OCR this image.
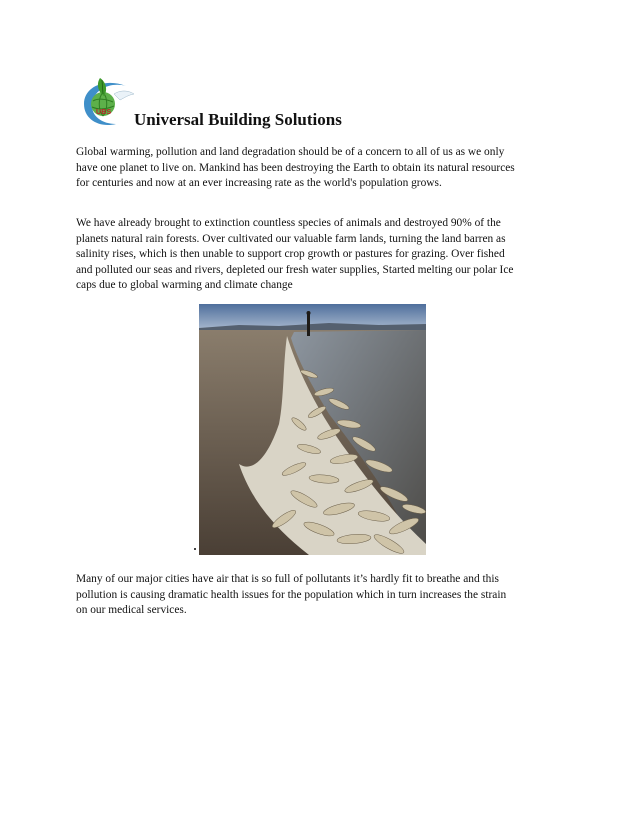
UBS Universal Building Solutions

Global warming, pollution and land degradation should be of a concern to all of us as we only
have one planet to live on. Mankind has been destroying the Earth to obtain its natural resources
for centuries and now at an ever increasing rate as the world's population grows.

We have already brought to extinction countless species of animals and destroyed 90% of the
planets natural rain forests. Over cultivated our valuable farm lands, turning the land barren as
salinity rises, which is then unable to support crop growth or pastures for grazing. Over fished
and polluted our seas and rivers, depleted our fresh water supplies, Started melting our polar Ice
caps due to global warming and climate change

Many of our major cities have air that is so full of pollutants it’s hardly fit to breathe and this
pollution is causing dramatic health issues for the population which in turn increases the strain
on our medical services.
